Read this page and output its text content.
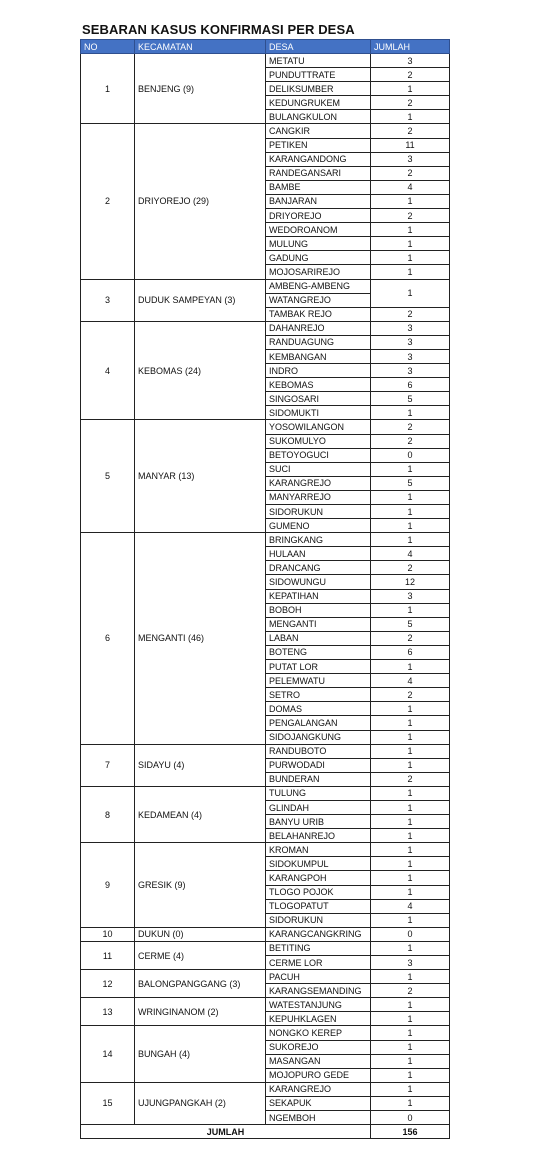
SEBARAN KASUS KONFIRMASI PER DESA
NO	KECAMATAN	DESA	JUMLAH
1	BENJENG (9)	METATU	3
		PUNDUTTRATE	2
		DELIKSUMBER	1
		KEDUNGRUKEM	2
		BULANGKULON	1
2	DRIYOREJO (29)	CANGKIR	2
		PETIKEN	11
		KARANGANDONG	3
		RANDEGANSARI	2
		BAMBE	4
		BANJARAN	1
		DRIYOREJO	2
		WEDOROANOM	1
		MULUNG	1
		GADUNG	1
		MOJOSARIREJO	1
3	DUDUK SAMPEYAN (3)	AMBENG-AMBENG	1
		WATANGREJO	
		TAMBAK REJO	2
4	KEBOMAS (24)	DAHANREJO	3
		RANDUAGUNG	3
		KEMBANGAN	3
		INDRO	3
		KEBOMAS	6
		SINGOSARI	5
		SIDOMUKTI	1
5	MANYAR (13)	YOSOWILANGON	2
		SUKOMULYO	2
		BETOYOGUCI	0
		SUCI	1
		KARANGREJO	5
		MANYARREJO	1
		SIDORUKUN	1
		GUMENO	1
6	MENGANTI (46)	BRINGKANG	1
		HULAAN	4
		DRANCANG	2
		SIDOWUNGU	12
		KEPATIHAN	3
		BOBOH	1
		MENGANTI	5
		LABAN	2
		BOTENG	6
		PUTAT LOR	1
		PELEMWATU	4
		SETRO	2
		DOMAS	1
		PENGALANGAN	1
		SIDOJANGKUNG	1
7	SIDAYU (4)	RANDUBOTO	1
		PURWODADI	1
		BUNDERAN	2
8	KEDAMEAN (4)	TULUNG	1
		GLINDAH	1
		BANYU URIB	1
		BELAHANREJO	1
9	GRESIK (9)	KROMAN	1
		SIDOKUMPUL	1
		KARANGPOH	1
		TLOGO POJOK	1
		TLOGOPATUT	4
		SIDORUKUN	1
10	DUKUN (0)	KARANGCANGKRING	0
11	CERME (4)	BETITING	1
		CERME LOR	3
12	BALONGPANGGANG (3)	PACUH	1
		KARANGSEMANDING	2
13	WRINGINANOM (2)	WATESTANJUNG	1
		KEPUHKLAGEN	1
14	BUNGAH (4)	NONGKO KEREP	1
		SUKOREJO	1
		MASANGAN	1
		MOJOPURO GEDE	1
15	UJUNGPANGKAH (2)	KARANGREJO	1
		SEKAPUK	1
		NGEMBOH	0
JUMLAH			156
